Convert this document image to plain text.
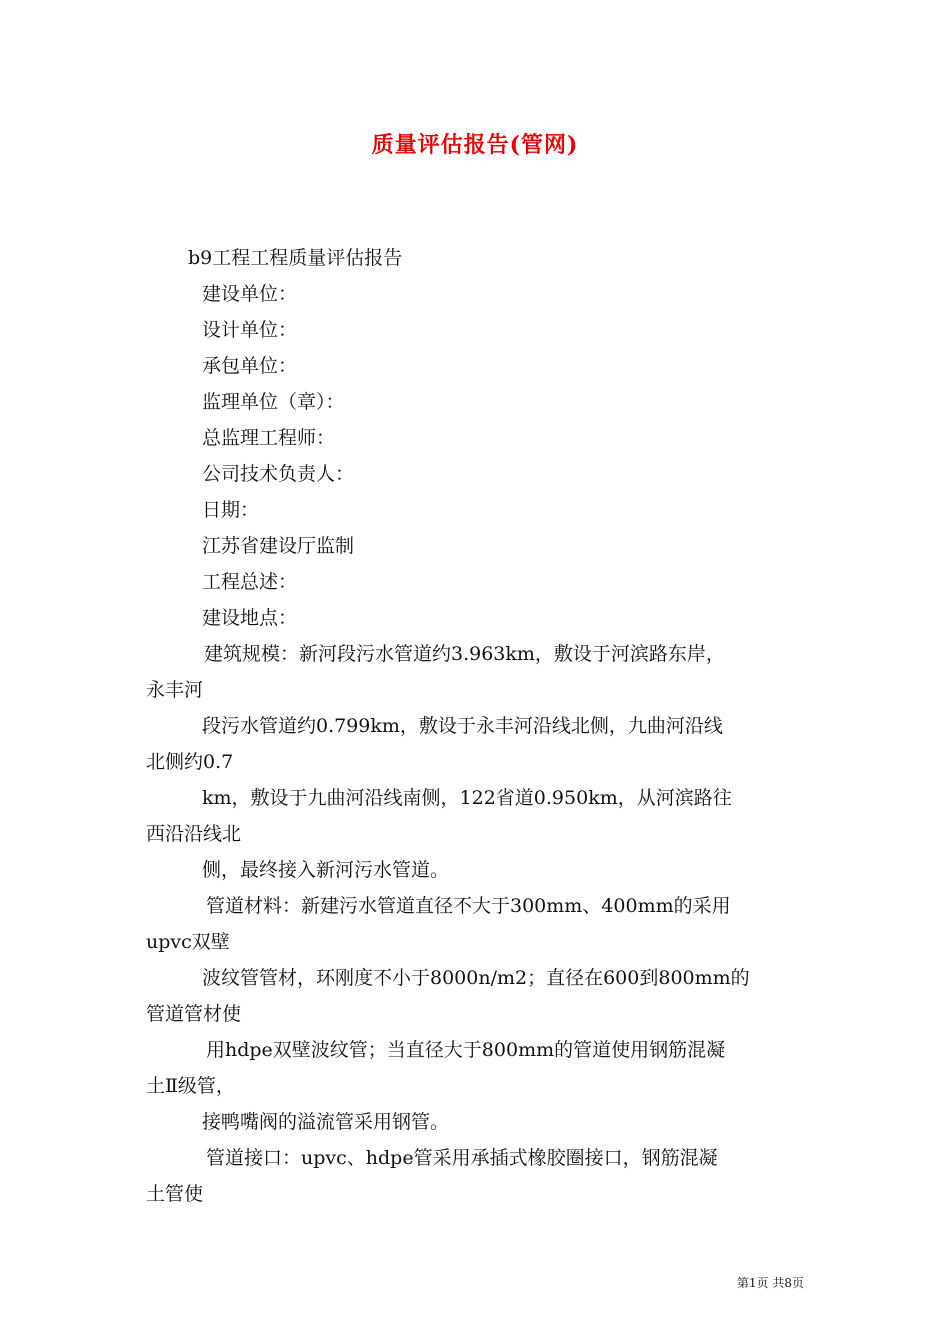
质量评估报告(管网)
b9工程工程质量评估报告
建设单位：
设计单位：
承包单位：
监理单位（章）：
总监理工程师：
公司技术负责人：
日期：
江苏省建设厅监制
工程总述：
建设地点：
建筑规模：新河段污水管道约3.963km，敷设于河滨路东岸，
永丰河
段污水管道约0.799km，敷设于永丰河沿线北侧，九曲河沿线
北侧约0.7
km，敷设于九曲河沿线南侧，122省道0.950km，从河滨路往
西沿沿线北
侧，最终接入新河污水管道。
管道材料：新建污水管道直径不大于300mm、400mm的采用
upvc双壁
波纹管管材，环刚度不小于8000n/m2；直径在600到800mm的
管道管材使
用hdpe双壁波纹管；当直径大于800mm的管道使用钢筋混凝
土Ⅱ级管，
接鸭嘴阀的溢流管采用钢管。
管道接口：upvc、hdpe管采用承插式橡胶圈接口，钢筋混凝
土管使
第1页 共8页
